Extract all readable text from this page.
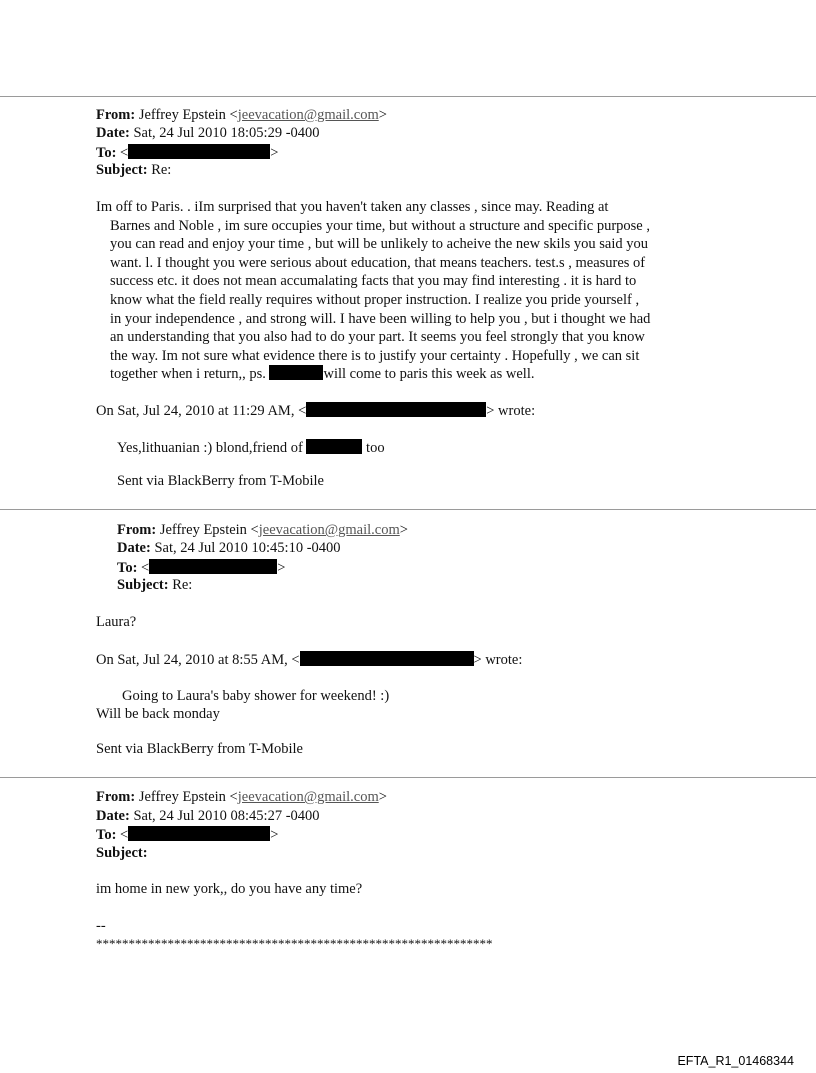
From: Jeffrey Epstein <jeevacation@gmail.com>
Date: Sat, 24 Jul 2010 18:05:29 -0400
To: <	>
Subject: Re:
Im off to Paris. . iIm surprised that you haven't taken any classes , since may. Reading at
Barnes and Noble , im sure occupies your time, but without a structure and specific purpose ,
you can read and enjoy your time , but will be unlikely to acheive the new skils you said you
want. l. I thought you were serious about education, that means teachers. test.s , measures of
success etc. it does not mean accumalating facts that you may find interesting . it is hard to
know what the field really requires without proper instruction. I realize you pride yourself ,
in your independence , and strong will. I have been willing to help you , but i thought we had
an understanding that you also had to do your part. It seems you feel strongly that you know
the way. Im not sure what evidence there is to justify your certainty . Hopefully , we can sit
together when i return,, ps.	will come to paris this week as well.
On Sat, Jul 24, 2010 at 11:29 AM, <	> wrote:
Yes,lithuanian :) blond,friend of	too
Sent via BlackBerry from T-Mobile
From: Jeffrey Epstein <jeevacation@gmail.com>
Date: Sat, 24 Jul 2010 10:45:10 -0400
To: <	>
Subject: Re:
Laura?
On Sat, Jul 24, 2010 at 8:55 AM, <	> wrote:
Going to Laura's baby shower for weekend! :)
Will be back monday
Sent via BlackBerry from T-Mobile
From: Jeffrey Epstein <jeevacation@gmail.com>
Date: Sat, 24 Jul 2010 08:45:27 -0400
To: <	>
Subject:
im home in new york,, do you have any time?
--
*************************************************************
EFTA_R1_01468344
